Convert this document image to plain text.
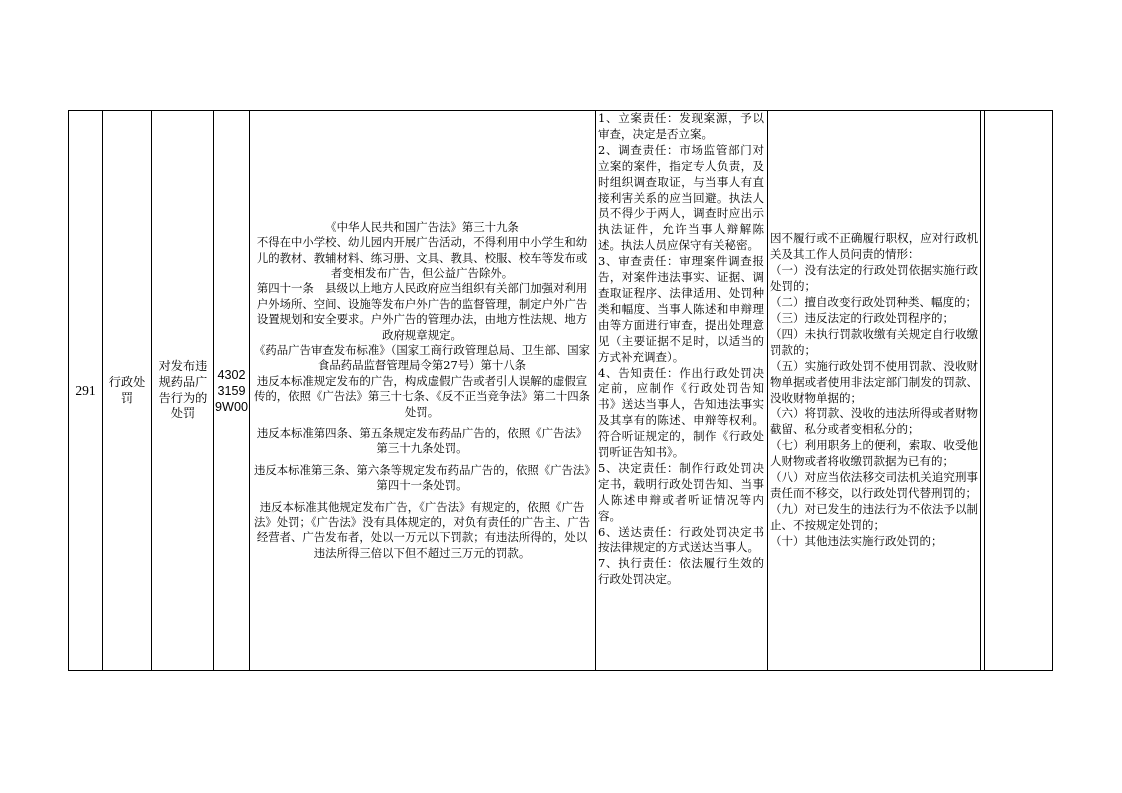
291
行政处罚
对发布违规药品广告行为的处罚
43023159 9W00

《中华人民共和国广告法》第三十九条

不得在中小学校、幼儿园内开展广告活动，不得利用中小学生和幼儿的教材、教辅材料、练习册、文具、教具、校服、校车等发布或者变相发布广告，但公益广告除外。

第四十一条　县级以上地方人民政府应当组织有关部门加强对利用户外场所、空间、设施等发布户外广告的监督管理，制定户外广告设置规划和安全要求。户外广告的管理办法，由地方性法规、地方政府规章规定。

《药品广告审查发布标准》（国家工商行政管理总局、卫生部、国家食品药品监督管理局令第27号）第十八条

违反本标准规定发布的广告，构成虚假广告或者引人误解的虚假宣传的，依照《广告法》第三十七条、《反不正当竞争法》第二十四条处罚。

违反本标准第四条、第五条规定发布药品广告的，依照《广告法》第三十九条处罚。

违反本标准第三条、第六条等规定发布药品广告的，依照《广告法》第四十一条处罚。

违反本标准其他规定发布广告，《广告法》有规定的，依照《广告法》处罚；《广告法》没有具体规定的，对负有责任的广告主、广告经营者、广告发布者，处以一万元以下罚款；有违法所得的，处以违法所得三倍以下但不超过三万元的罚款。

1、立案责任：发现案源，予以审查，决定是否立案。

2、调查责任：市场监管部门对立案的案件，指定专人负责，及时组织调查取证，与当事人有直接利害关系的应当回避。执法人员不得少于两人，调查时应出示执法证件，允许当事人辩解陈述。执法人员应保守有关秘密。

3、审查责任：审理案件调查报告，对案件违法事实、证据、调查取证程序、法律适用、处罚种类和幅度、当事人陈述和申辩理由等方面进行审查，提出处理意见（主要证据不足时，以适当的方式补充调查）。

4、告知责任：作出行政处罚决定前，应制作《行政处罚告知书》送达当事人，告知违法事实及其享有的陈述、申辩等权利。符合听证规定的，制作《行政处罚听证告知书》。

5、决定责任：制作行政处罚决定书，载明行政处罚告知、当事人陈述申辩或者听证情况等内容。

6、送达责任：行政处罚决定书按法律规定的方式送达当事人。

7、执行责任：依法履行生效的行政处罚决定。

因不履行或不正确履行职权，应对行政机关及其工作人员问责的情形：

（一）没有法定的行政处罚依据实施行政处罚的；

（二）擅自改变行政处罚种类、幅度的；

（三）违反法定的行政处罚程序的；

（四）未执行罚款收缴有关规定自行收缴罚款的；

（五）实施行政处罚不使用罚款、没收财物单据或者使用非法定部门制发的罚款、没收财物单据的；

（六）将罚款、没收的违法所得或者财物截留、私分或者变相私分的；

（七）利用职务上的便利，索取、收受他人财物或者将收缴罚款据为已有的；

（八）对应当依法移交司法机关追究刑事责任而不移交，以行政处罚代替刑罚的；

（九）对已发生的违法行为不依法予以制止、不按规定处罚的；

（十）其他违法实施行政处罚的；
